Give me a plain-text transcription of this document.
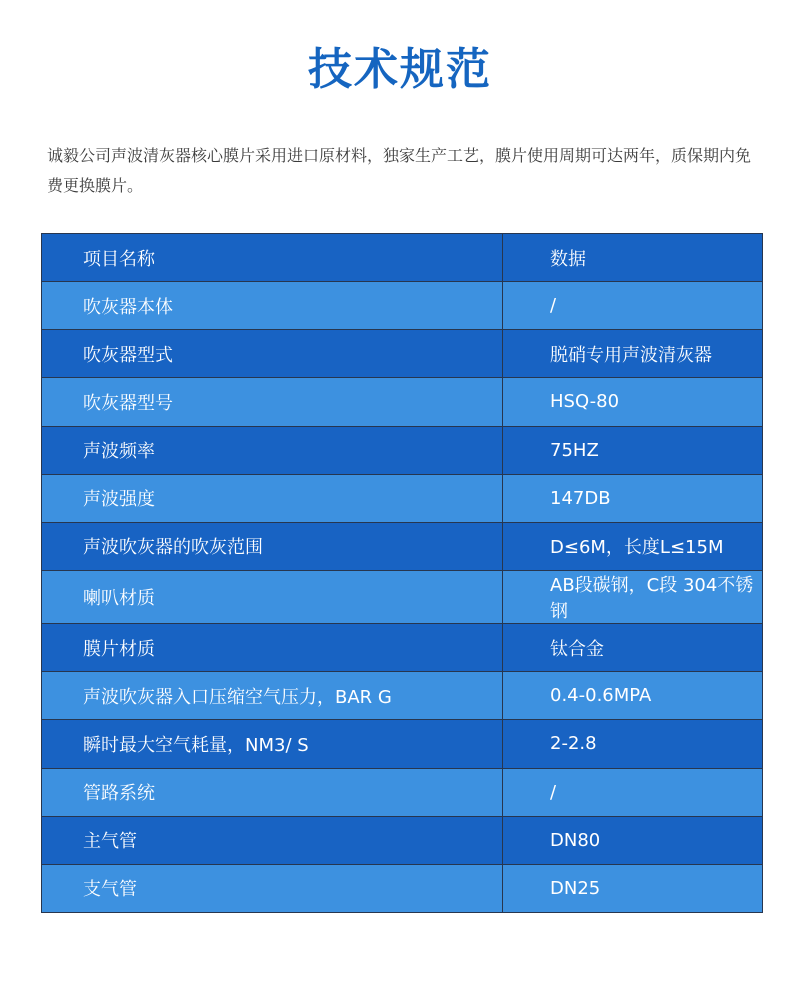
技术规范
诚毅公司声波清灰器核心膜片采用进口原材料，独家生产工艺，膜片使用周期可达两年，质保期内免费更换膜片。
项目名称	数据
吹灰器本体	/
吹灰器型式	脱硝专用声波清灰器
吹灰器型号	HSQ-80
声波频率	75HZ
声波强度	147DB
声波吹灰器的吹灰范围	D≤6M，长度L≤15M
喇叭材质	AB段碳钢，C段 304不锈钢
膜片材质	钛合金
声波吹灰器入口压缩空气压力，BAR G	0.4-0.6MPA
瞬时最大空气耗量，NM3/ S	2-2.8
管路系统	/
主气管	DN80
支气管	DN25
